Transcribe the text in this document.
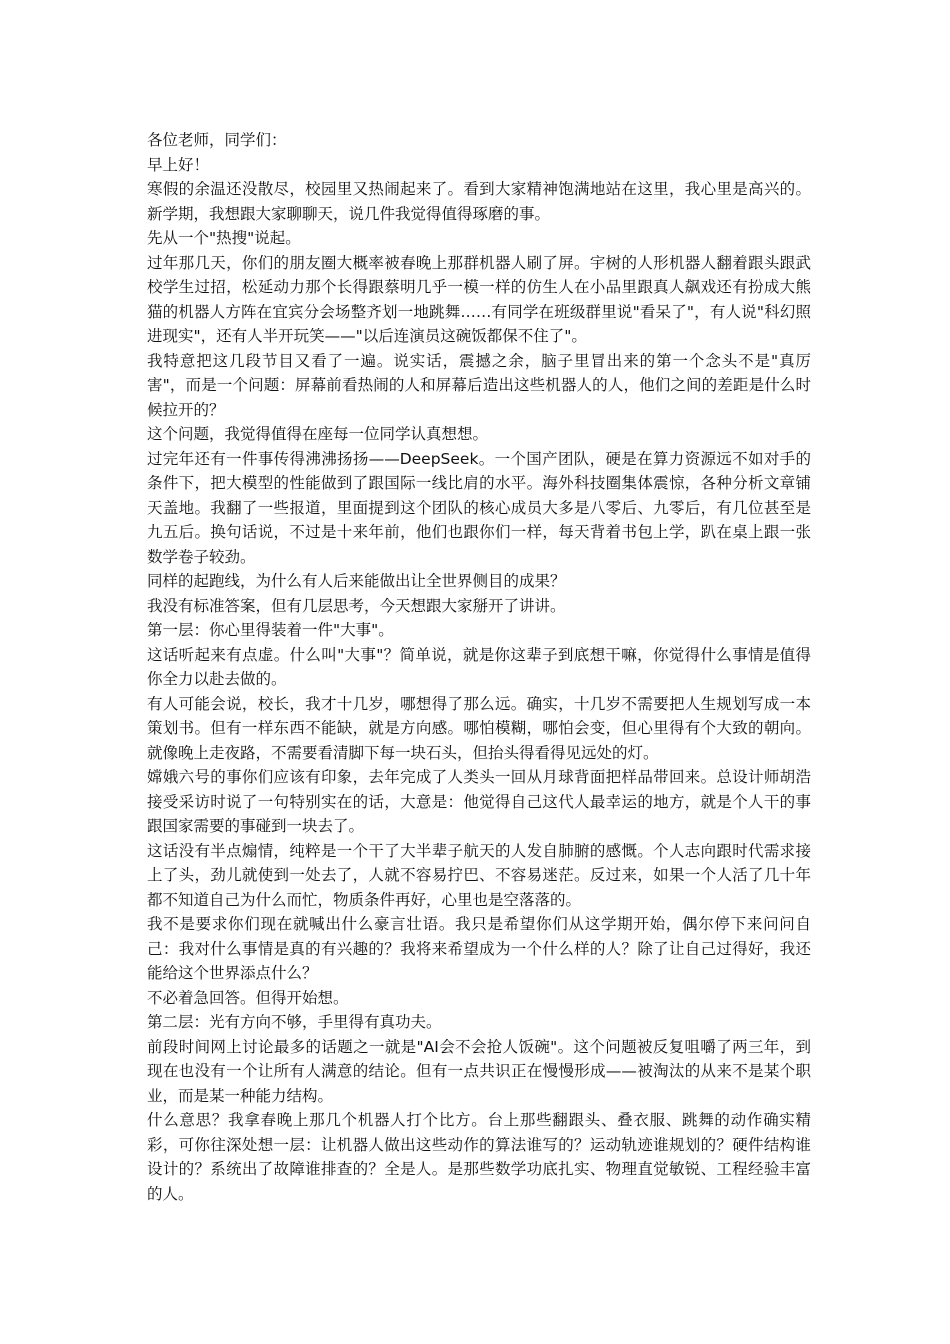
各位老师，同学们：

早上好！

寒假的余温还没散尽，校园里又热闹起来了。看到大家精神饱满地站在这里，我心里是高兴的。新学期，我想跟大家聊聊天，说几件我觉得值得琢磨的事。

先从一个"热搜"说起。

过年那几天，你们的朋友圈大概率被春晚上那群机器人刷了屏。宇树的人形机器人翻着跟头跟武校学生过招，松延动力那个长得跟蔡明几乎一模一样的仿生人在小品里跟真人飙戏还有扮成大熊猫的机器人方阵在宜宾分会场整齐划一地跳舞……有同学在班级群里说"看呆了"，有人说"科幻照进现实"，还有人半开玩笑——"以后连演员这碗饭都保不住了"。

我特意把这几段节目又看了一遍。说实话，震撼之余，脑子里冒出来的第一个念头不是"真厉害"，而是一个问题：屏幕前看热闹的人和屏幕后造出这些机器人的人，他们之间的差距是什么时候拉开的？

这个问题，我觉得值得在座每一位同学认真想想。

过完年还有一件事传得沸沸扬扬——DeepSeek。一个国产团队，硬是在算力资源远不如对手的条件下，把大模型的性能做到了跟国际一线比肩的水平。海外科技圈集体震惊，各种分析文章铺天盖地。我翻了一些报道，里面提到这个团队的核心成员大多是八零后、九零后，有几位甚至是九五后。换句话说，不过是十来年前，他们也跟你们一样，每天背着书包上学，趴在桌上跟一张数学卷子较劲。

同样的起跑线，为什么有人后来能做出让全世界侧目的成果？

我没有标准答案，但有几层思考，今天想跟大家掰开了讲讲。

第一层：你心里得装着一件"大事"。

这话听起来有点虚。什么叫"大事"？简单说，就是你这辈子到底想干嘛，你觉得什么事情是值得你全力以赴去做的。

有人可能会说，校长，我才十几岁，哪想得了那么远。确实，十几岁不需要把人生规划写成一本策划书。但有一样东西不能缺，就是方向感。哪怕模糊，哪怕会变，但心里得有个大致的朝向。就像晚上走夜路，不需要看清脚下每一块石头，但抬头得看得见远处的灯。

嫦娥六号的事你们应该有印象，去年完成了人类头一回从月球背面把样品带回来。总设计师胡浩接受采访时说了一句特别实在的话，大意是：他觉得自己这代人最幸运的地方，就是个人干的事跟国家需要的事碰到一块去了。

这话没有半点煽情，纯粹是一个干了大半辈子航天的人发自肺腑的感慨。个人志向跟时代需求接上了头，劲儿就使到一处去了，人就不容易拧巴、不容易迷茫。反过来，如果一个人活了几十年都不知道自己为什么而忙，物质条件再好，心里也是空落落的。

我不是要求你们现在就喊出什么豪言壮语。我只是希望你们从这学期开始，偶尔停下来问问自己：我对什么事情是真的有兴趣的？我将来希望成为一个什么样的人？除了让自己过得好，我还能给这个世界添点什么？

不必着急回答。但得开始想。

第二层：光有方向不够，手里得有真功夫。

前段时间网上讨论最多的话题之一就是"AI会不会抢人饭碗"。这个问题被反复咀嚼了两三年，到现在也没有一个让所有人满意的结论。但有一点共识正在慢慢形成——被淘汰的从来不是某个职业，而是某一种能力结构。

什么意思？我拿春晚上那几个机器人打个比方。台上那些翻跟头、叠衣服、跳舞的动作确实精彩，可你往深处想一层：让机器人做出这些动作的算法谁写的？运动轨迹谁规划的？硬件结构谁设计的？系统出了故障谁排查的？全是人。是那些数学功底扎实、物理直觉敏锐、工程经验丰富的人。
